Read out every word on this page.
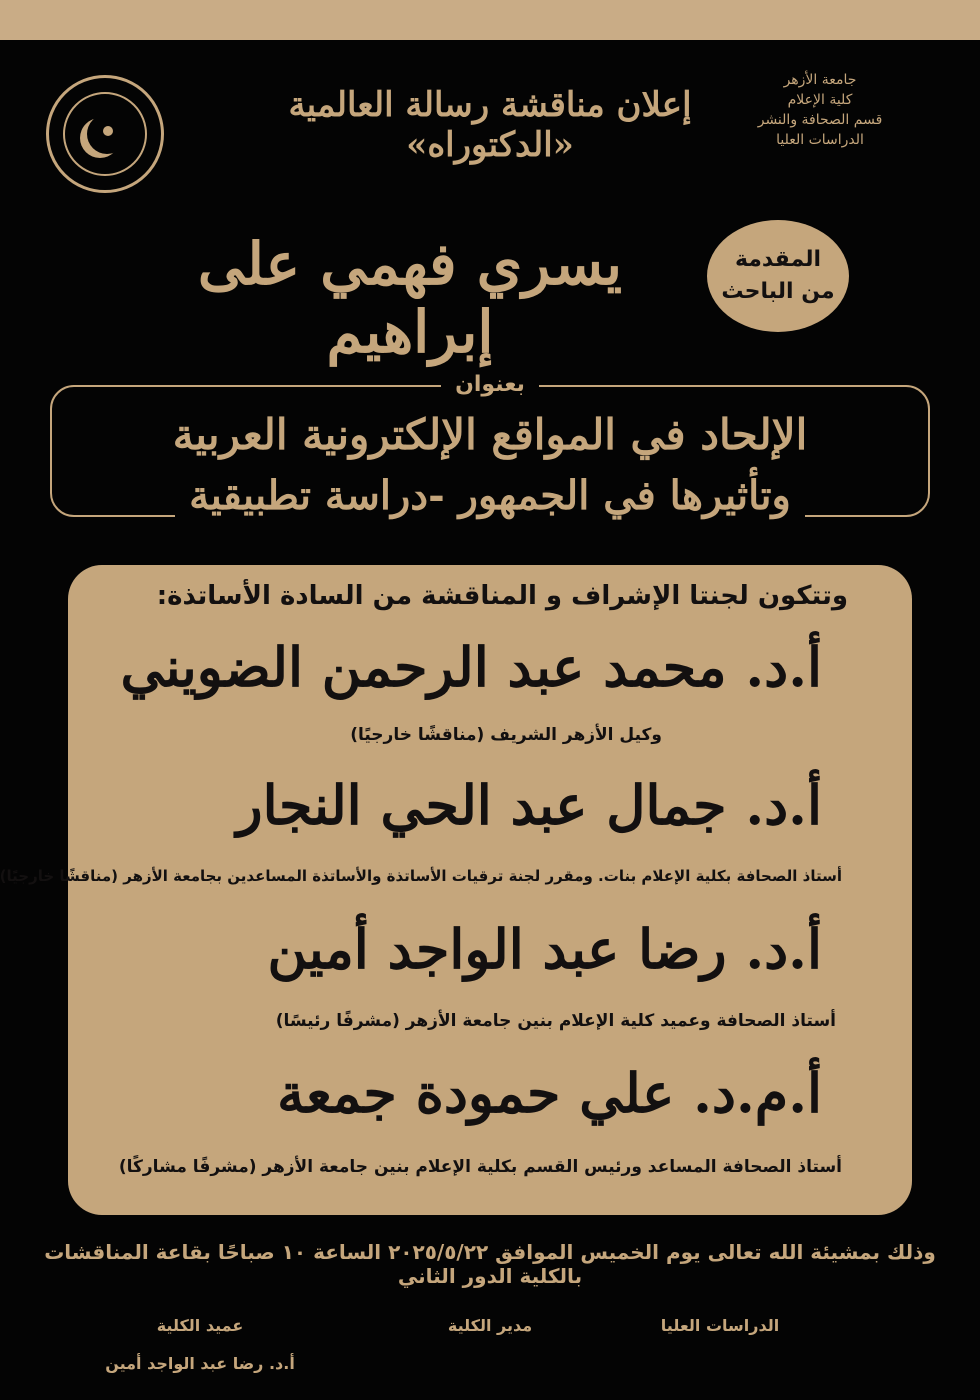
جامعة الأزهر
كلية الإعلام
قسم الصحافة والنشر
الدراسات العليا
إعلان مناقشة رسالة العالمية «الدكتوراه»
المقدمة
من الباحث
يسري فهمي على إبراهيم
بعنوان
الإلحاد في المواقع الإلكترونية العربية
وتأثيرها في الجمهور -دراسة تطبيقية
وتتكون لجنتا الإشراف و المناقشة من السادة الأساتذة:
أ.د. محمد عبد الرحمن الضويني
وكيل الأزهر الشريف (مناقشًا خارجيًا)
أ.د. جمال عبد الحي النجار
أستاذ الصحافة بكلية الإعلام بنات. ومقرر لجنة ترقيات الأساتذة والأساتذة المساعدين بجامعة الأزهر (مناقشًا خارجيًا)
أ.د. رضا عبد الواجد أمين
أستاذ الصحافة وعميد كلية الإعلام بنين جامعة الأزهر (مشرفًا رئيسًا)
أ.م.د. علي حمودة جمعة
أستاذ الصحافة المساعد ورئيس القسم بكلية الإعلام بنين جامعة الأزهر (مشرفًا مشاركًا)
وذلك بمشيئة الله تعالى يوم الخميس الموافق ٢٠٢٥/٥/٢٢ الساعة ١٠ صباحًا بقاعة المناقشات بالكلية الدور الثاني
الدراسات العليا
مدير الكلية
عميد الكلية
أ.د. رضا عبد الواجد أمين
